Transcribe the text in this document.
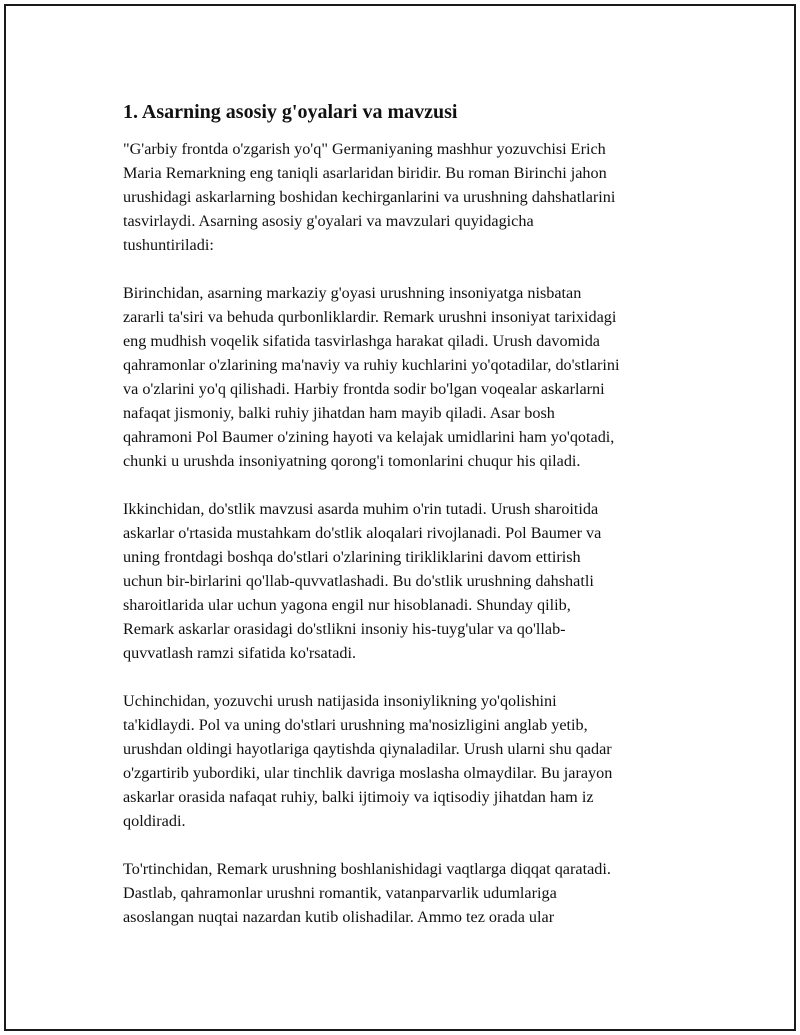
1. Asarning asosiy g'oyalari va mavzusi

"G'arbiy frontda o'zgarish yo'q" Germaniyaning mashhur yozuvchisi Erich
Maria Remarkning eng taniqli asarlaridan biridir. Bu roman Birinchi jahon
urushidagi askarlarning boshidan kechirganlarini va urushning dahshatlarini
tasvirlaydi. Asarning asosiy g'oyalari va mavzulari quyidagicha
tushuntiriladi:

Birinchidan, asarning markaziy g'oyasi urushning insoniyatga nisbatan
zararli ta'siri va behuda qurbonliklardir. Remark urushni insoniyat tarixidagi
eng mudhish voqelik sifatida tasvirlashga harakat qiladi. Urush davomida
qahramonlar o'zlarining ma'naviy va ruhiy kuchlarini yo'qotadilar, do'stlarini
va o'zlarini yo'q qilishadi. Harbiy frontda sodir bo'lgan voqealar askarlarni
nafaqat jismoniy, balki ruhiy jihatdan ham mayib qiladi. Asar bosh
qahramoni Pol Baumer o'zining hayoti va kelajak umidlarini ham yo'qotadi,
chunki u urushda insoniyatning qorong'i tomonlarini chuqur his qiladi.

Ikkinchidan, do'stlik mavzusi asarda muhim o'rin tutadi. Urush sharoitida
askarlar o'rtasida mustahkam do'stlik aloqalari rivojlanadi. Pol Baumer va
uning frontdagi boshqa do'stlari o'zlarining tirikliklarini davom ettirish
uchun bir-birlarini qo'llab-quvvatlashadi. Bu do'stlik urushning dahshatli
sharoitlarida ular uchun yagona engil nur hisoblanadi. Shunday qilib,
Remark askarlar orasidagi do'stlikni insoniy his-tuyg'ular va qo'llab-
quvvatlash ramzi sifatida ko'rsatadi.

Uchinchidan, yozuvchi urush natijasida insoniylikning yo'qolishini
ta'kidlaydi. Pol va uning do'stlari urushning ma'nosizligini anglab yetib,
urushdan oldingi hayotlariga qaytishda qiynaladilar. Urush ularni shu qadar
o'zgartirib yubordiki, ular tinchlik davriga moslasha olmaydilar. Bu jarayon
askarlar orasida nafaqat ruhiy, balki ijtimoiy va iqtisodiy jihatdan ham iz
qoldiradi.

To'rtinchidan, Remark urushning boshlanishidagi vaqtlarga diqqat qaratadi.
Dastlab, qahramonlar urushni romantik, vatanparvarlik udumlariga
asoslangan nuqtai nazardan kutib olishadilar. Ammo tez orada ular
